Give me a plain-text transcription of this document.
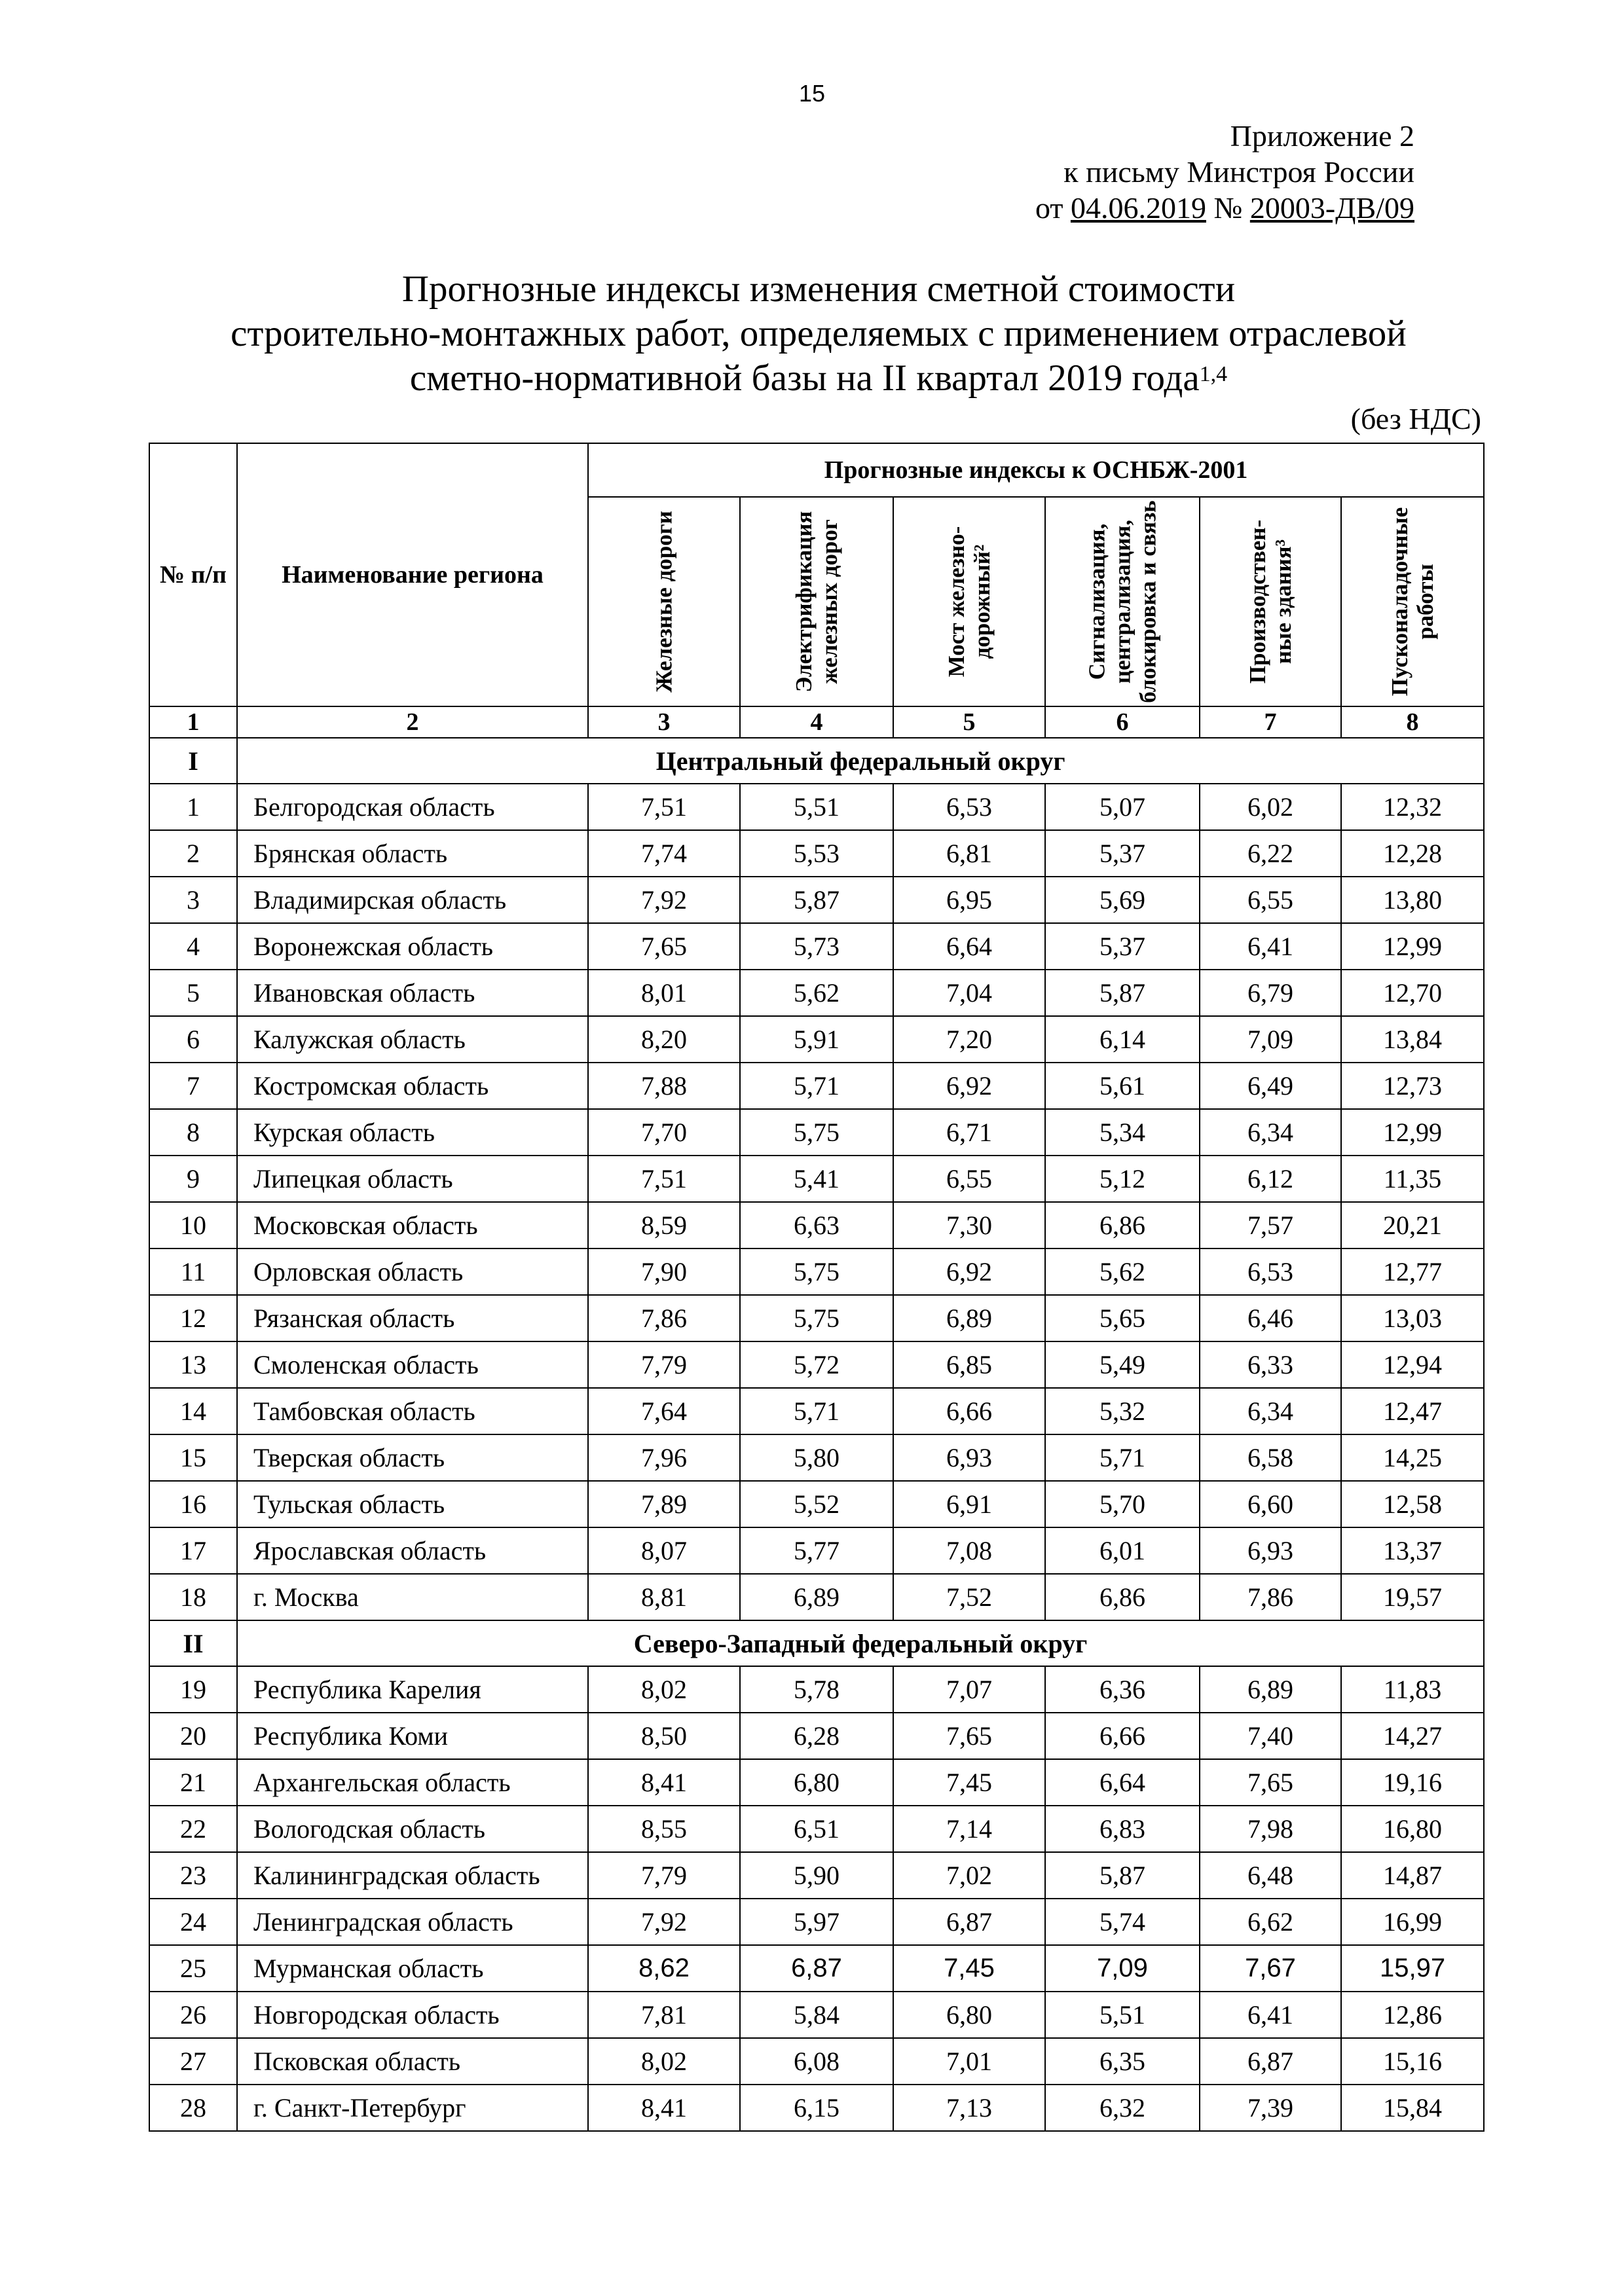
15
Приложение 2
к письму Минстроя России
от 04.06.2019 № 20003-ДВ/09
Прогнозные индексы изменения сметной стоимости
строительно-монтажных работ, определяемых с применением отраслевой
сметно-нормативной базы на II квартал 2019 года$^{1,4}$
(без НДС)
№ п/п	Наименование региона	Прогнозные индексы к ОСНБЖ-2001					

		Железные дороги	Электрификация железных дорог	Мост железно-дорожный²	Сигнализация, централизация, блокировка и связь	Производствен-ные здания³	Пусконаладочные работы

1	2	3	4	5	6	7	8
I	Центральный федеральный округ						
1	Белгородская область	7,51	5,51	6,53	5,07	6,02	12,32
2	Брянская область	7,74	5,53	6,81	5,37	6,22	12,28
3	Владимирская область	7,92	5,87	6,95	5,69	6,55	13,80
4	Воронежская область	7,65	5,73	6,64	5,37	6,41	12,99
5	Ивановская область	8,01	5,62	7,04	5,87	6,79	12,70
6	Калужская область	8,20	5,91	7,20	6,14	7,09	13,84
7	Костромская область	7,88	5,71	6,92	5,61	6,49	12,73
8	Курская область	7,70	5,75	6,71	5,34	6,34	12,99
9	Липецкая область	7,51	5,41	6,55	5,12	6,12	11,35
10	Московская область	8,59	6,63	7,30	6,86	7,57	20,21
11	Орловская область	7,90	5,75	6,92	5,62	6,53	12,77
12	Рязанская область	7,86	5,75	6,89	5,65	6,46	13,03
13	Смоленская область	7,79	5,72	6,85	5,49	6,33	12,94
14	Тамбовская область	7,64	5,71	6,66	5,32	6,34	12,47
15	Тверская область	7,96	5,80	6,93	5,71	6,58	14,25
16	Тульская область	7,89	5,52	6,91	5,70	6,60	12,58
17	Ярославская область	8,07	5,77	7,08	6,01	6,93	13,37
18	г. Москва	8,81	6,89	7,52	6,86	7,86	19,57
II	Северо-Западный федеральный округ						
19	Республика Карелия	8,02	5,78	7,07	6,36	6,89	11,83
20	Республика Коми	8,50	6,28	7,65	6,66	7,40	14,27
21	Архангельская область	8,41	6,80	7,45	6,64	7,65	19,16
22	Вологодская область	8,55	6,51	7,14	6,83	7,98	16,80
23	Калининградская область	7,79	5,90	7,02	5,87	6,48	14,87
24	Ленинградская область	7,92	5,97	6,87	5,74	6,62	16,99
25	Мурманская область	8,62	6,87	7,45	7,09	7,67	15,97
26	Новгородская область	7,81	5,84	6,80	5,51	6,41	12,86
27	Псковская область	8,02	6,08	7,01	6,35	6,87	15,16
28	г. Санкт-Петербург	8,41	6,15	7,13	6,32	7,39	15,84
